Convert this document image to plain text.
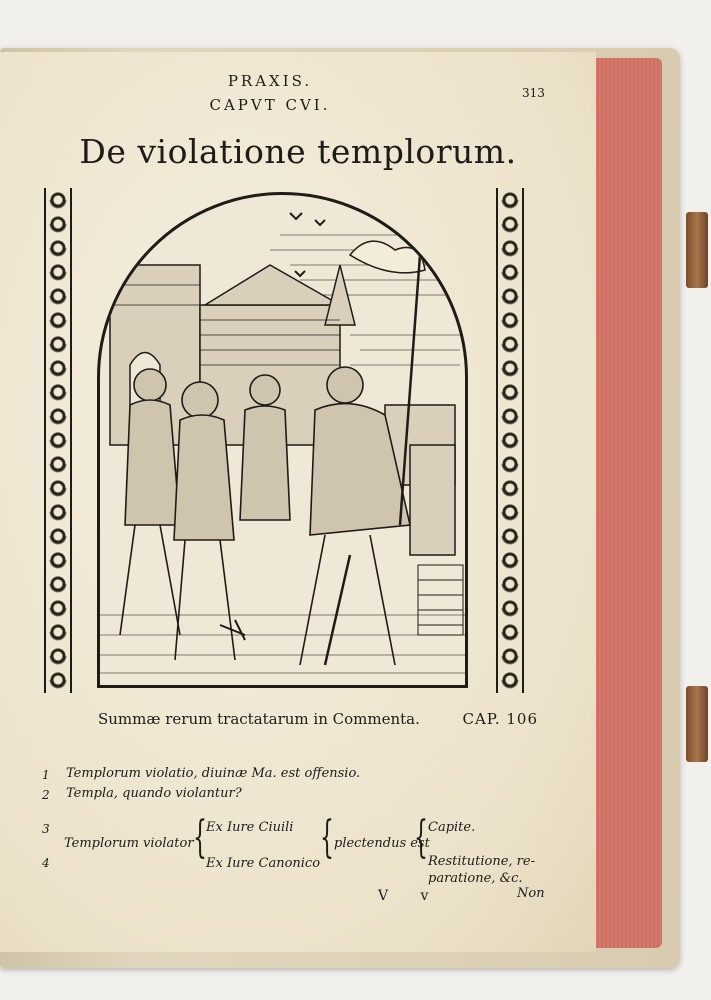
PRAXIS.
CAPVT CVI.
313
De violatione templorum.
Summæ rerum tractatarum in Commenta.	CAP. 106
1 Templorum violatio, diuinæ Ma. est offensio.
2 Templa, quando violantur?
3
4
Templorum violator { Ex Iure Ciuili
Ex Iure Canonico
{ plectendus est
{ Capite.
Restitutione, re-
paratione, &c.
V v	Non
